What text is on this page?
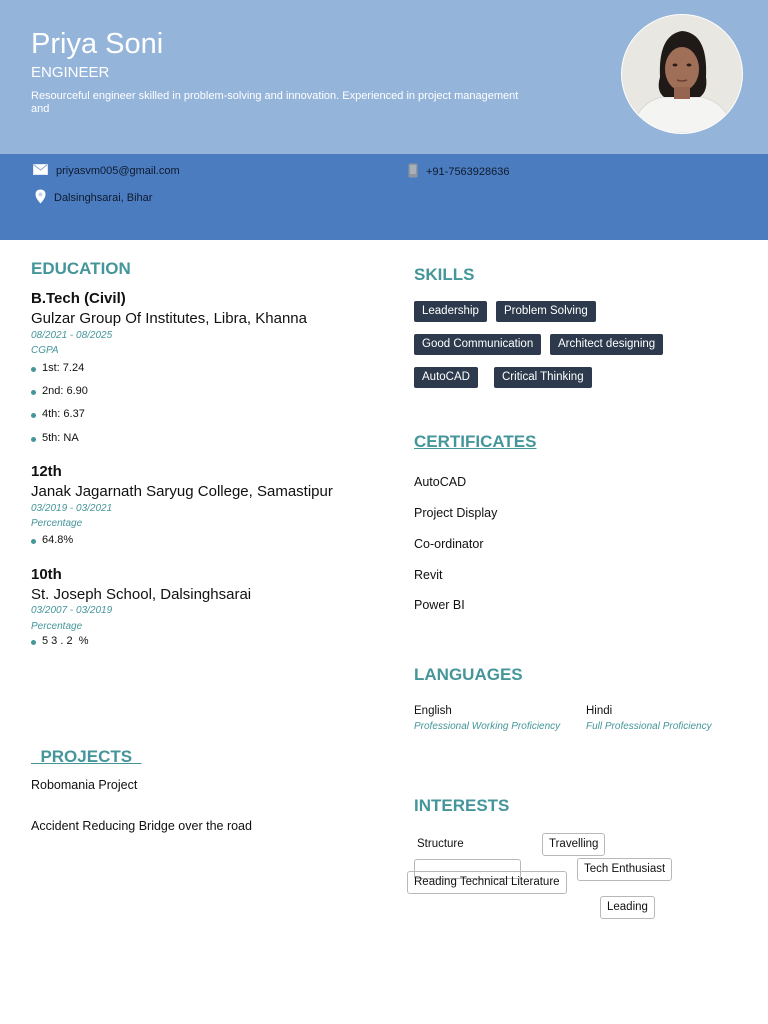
Priya Soni
ENGINEER
Resourceful engineer skilled in problem-solving and innovation. Experienced in project management and
priyasvm005@gmail.com	+91-7563928636
Dalsinghsarai, Bihar
EDUCATION
B.Tech (Civil)
Gulzar Group Of Institutes, Libra, Khanna
08/2021 - 08/2025
CGPA
1st: 7.24
2nd: 6.90
4th: 6.37
5th: NA
12th
Janak Jagarnath Saryug College, Samastipur
03/2019 - 03/2021
Percentage
64.8%
10th
St. Joseph School, Dalsinghsarai
03/2007 - 03/2019
Percentage
5 3 . 2  %
PROJECTS
Robomania Project
Accident Reducing Bridge over the road
SKILLS
Leadership	Problem Solving
Good Communication	Architect designing
AutoCAD	Critical Thinking
CERTIFICATES
AutoCAD
Project Display
Co-ordinator
Revit
Power BI
LANGUAGES
English
Professional Working Proficiency
Hindi
Full Professional Proficiency
INTERESTS
Structure	Travelling
Tech Enthusiast
Reading Technical Literature
Leading
